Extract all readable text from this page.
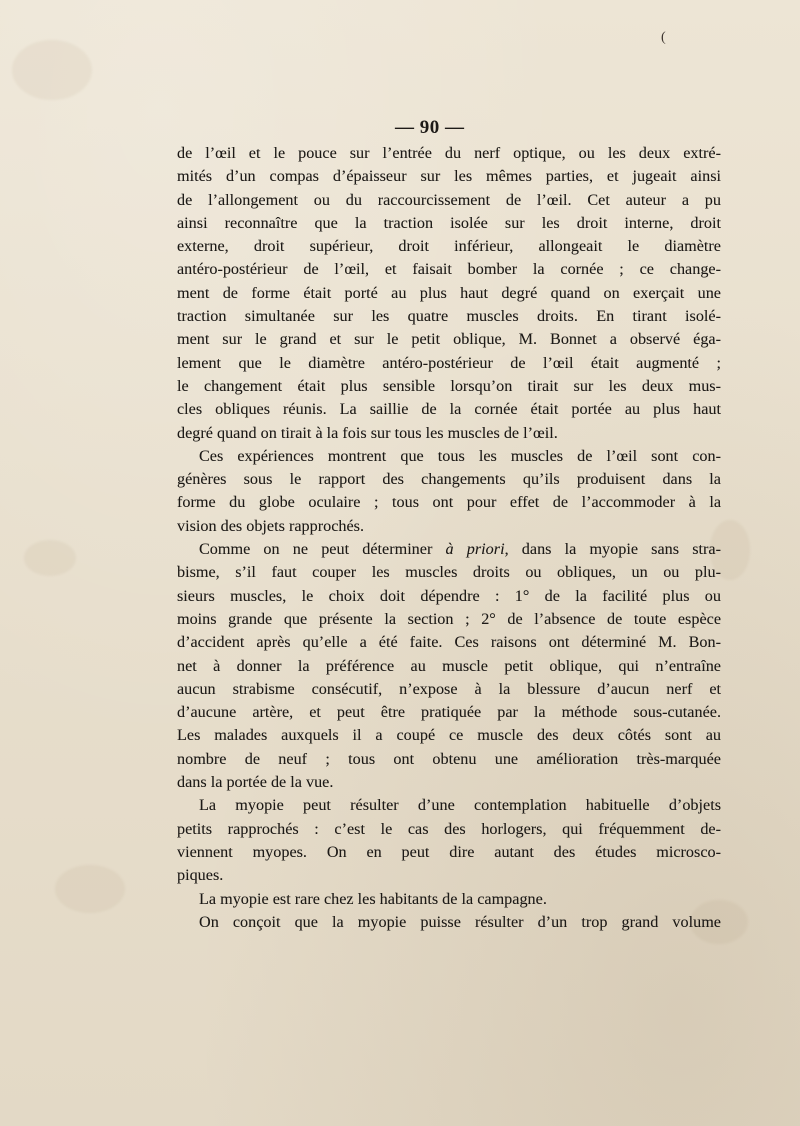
(
— 90 —
de l’œil et le pouce sur l’entrée du nerf optique, ou les deux extré-
mités d’un compas d’épaisseur sur les mêmes parties, et jugeait ainsi
de l’allongement ou du raccourcissement de l’œil. Cet auteur a pu
ainsi reconnaître que la traction isolée sur les droit interne, droit
externe, droit supérieur, droit inférieur, allongeait le diamètre
antéro-postérieur de l’œil, et faisait bomber la cornée ; ce change-
ment de forme était porté au plus haut degré quand on exerçait une
traction simultanée sur les quatre muscles droits. En tirant isolé-
ment sur le grand et sur le petit oblique, M. Bonnet a observé éga-
lement que le diamètre antéro-postérieur de l’œil était augmenté ;
le changement était plus sensible lorsqu’on tirait sur les deux mus-
cles obliques réunis. La saillie de la cornée était portée au plus haut
degré quand on tirait à la fois sur tous les muscles de l’œil.
Ces expériences montrent que tous les muscles de l’œil sont con-
génères sous le rapport des changements qu’ils produisent dans la
forme du globe oculaire ; tous ont pour effet de l’accommoder à la
vision des objets rapprochés.
Comme on ne peut déterminer à priori, dans la myopie sans stra-
bisme, s’il faut couper les muscles droits ou obliques, un ou plu-
sieurs muscles, le choix doit dépendre : 1° de la facilité plus ou
moins grande que présente la section ; 2° de l’absence de toute espèce
d’accident après qu’elle a été faite. Ces raisons ont déterminé M. Bon-
net à donner la préférence au muscle petit oblique, qui n’entraîne
aucun strabisme consécutif, n’expose à la blessure d’aucun nerf et
d’aucune artère, et peut être pratiquée par la méthode sous-cutanée.
Les malades auxquels il a coupé ce muscle des deux côtés sont au
nombre de neuf ; tous ont obtenu une amélioration très-marquée
dans la portée de la vue.
La myopie peut résulter d’une contemplation habituelle d’objets
petits rapprochés : c’est le cas des horlogers, qui fréquemment de-
viennent myopes. On en peut dire autant des études microsco-
piques.
La myopie est rare chez les habitants de la campagne.
On conçoit que la myopie puisse résulter d’un trop grand volume
